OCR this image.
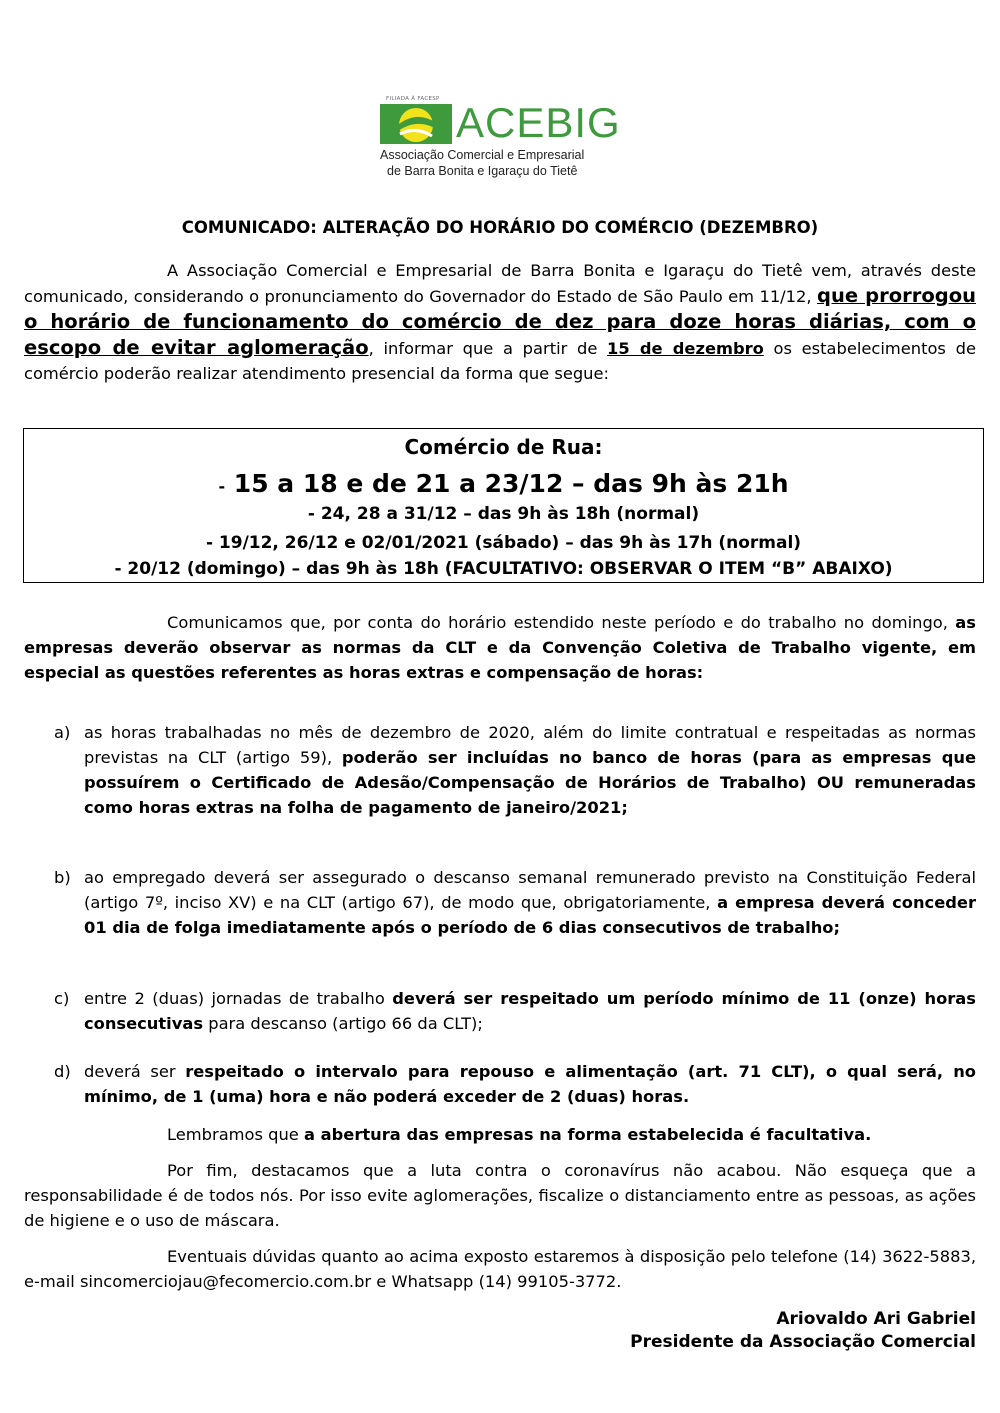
FILIADA À FACESP ACEBIG
Associação Comercial e Empresarial
de Barra Bonita e Igaraçu do Tietê
COMUNICADO: ALTERAÇÃO DO HORÁRIO DO COMÉRCIO (DEZEMBRO)
A Associação Comercial e Empresarial de Barra Bonita e Igaraçu do Tietê vem, através deste comunicado, considerando o pronunciamento do Governador do Estado de São Paulo em 11/12, que prorrogou o horário de funcionamento do comércio de dez para doze horas diárias, com o escopo de evitar aglomeração, informar que a partir de 15 de dezembro os estabelecimentos de comércio poderão realizar atendimento presencial da forma que segue:
Comércio de Rua:
- 15 a 18 e de 21 a 23/12 – das 9h às 21h
- 24, 28 a 31/12 – das 9h às 18h (normal)
- 19/12, 26/12 e 02/01/2021 (sábado) – das 9h às 17h (normal)
- 20/12 (domingo) – das 9h às 18h (FACULTATIVO: OBSERVAR O ITEM “B” ABAIXO)
Comunicamos que, por conta do horário estendido neste período e do trabalho no domingo, as empresas deverão observar as normas da CLT e da Convenção Coletiva de Trabalho vigente, em especial as questões referentes as horas extras e compensação de horas:
a) as horas trabalhadas no mês de dezembro de 2020, além do limite contratual e respeitadas as normas previstas na CLT (artigo 59), poderão ser incluídas no banco de horas (para as empresas que possuírem o Certificado de Adesão/Compensação de Horários de Trabalho) OU remuneradas como horas extras na folha de pagamento de janeiro/2021;
b) ao empregado deverá ser assegurado o descanso semanal remunerado previsto na Constituição Federal (artigo 7º, inciso XV) e na CLT (artigo 67), de modo que, obrigatoriamente, a empresa deverá conceder 01 dia de folga imediatamente após o período de 6 dias consecutivos de trabalho;
c) entre 2 (duas) jornadas de trabalho deverá ser respeitado um período mínimo de 11 (onze) horas consecutivas para descanso (artigo 66 da CLT);
d) deverá ser respeitado o intervalo para repouso e alimentação (art. 71 CLT), o qual será, no mínimo, de 1 (uma) hora e não poderá exceder de 2 (duas) horas.
Lembramos que a abertura das empresas na forma estabelecida é facultativa.
Por fim, destacamos que a luta contra o coronavírus não acabou. Não esqueça que a responsabilidade é de todos nós. Por isso evite aglomerações, fiscalize o distanciamento entre as pessoas, as ações de higiene e o uso de máscara.
Eventuais dúvidas quanto ao acima exposto estaremos à disposição pelo telefone (14) 3622-5883, e-mail sincomerciojau@fecomercio.com.br e Whatsapp (14) 99105-3772.
Ariovaldo Ari Gabriel
Presidente da Associação Comercial
